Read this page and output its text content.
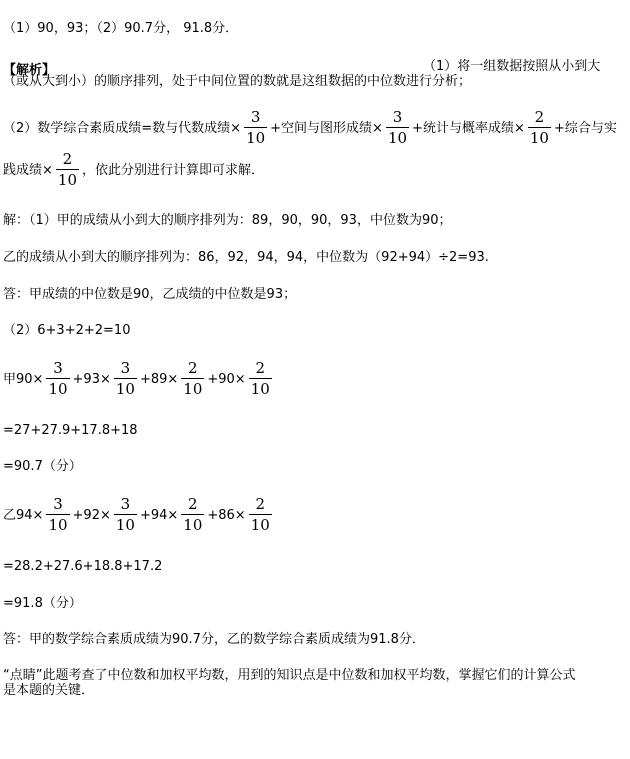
（1）90，93；（2）90.7分， 91.8分．
【解析】	（1）将一组数据按照从小到大
（或从大到小）的顺序排列，处于中间位置的数就是这组数据的中位数进行分析；
（2）数学综合素质成绩=数与代数成绩× $\frac{3}{10}$ +空间与图形成绩× $\frac{3}{10}$ +统计与概率成绩× $\frac{2}{10}$ +综合与实
践成绩× $\frac{2}{10}$ ，依此分别进行计算即可求解．
解：（1）甲的成绩从小到大的顺序排列为：89，90，90，93，中位数为90；
乙的成绩从小到大的顺序排列为：86，92，94，94，中位数为（92+94）÷2=93.
答：甲成绩的中位数是90，乙成绩的中位数是93；
（2）6+3+2+2=10
甲$90\times \frac{3}{10} +93\times \frac{3}{10} +89\times \frac{2}{10} +90\times \frac{2}{10}$
=27+27.9+17.8+18
=90.7（分）
乙$94\times \frac{3}{10} +92\times \frac{3}{10} +94\times \frac{2}{10} +86\times \frac{2}{10}$
=28.2+27.6+18.8+17.2
=91.8（分）
答：甲的数学综合素质成绩为90.7分，乙的数学综合素质成绩为91.8分．
“点睛”此题考查了中位数和加权平均数，用到的知识点是中位数和加权平均数，掌握它们的计算公式
是本题的关键．
